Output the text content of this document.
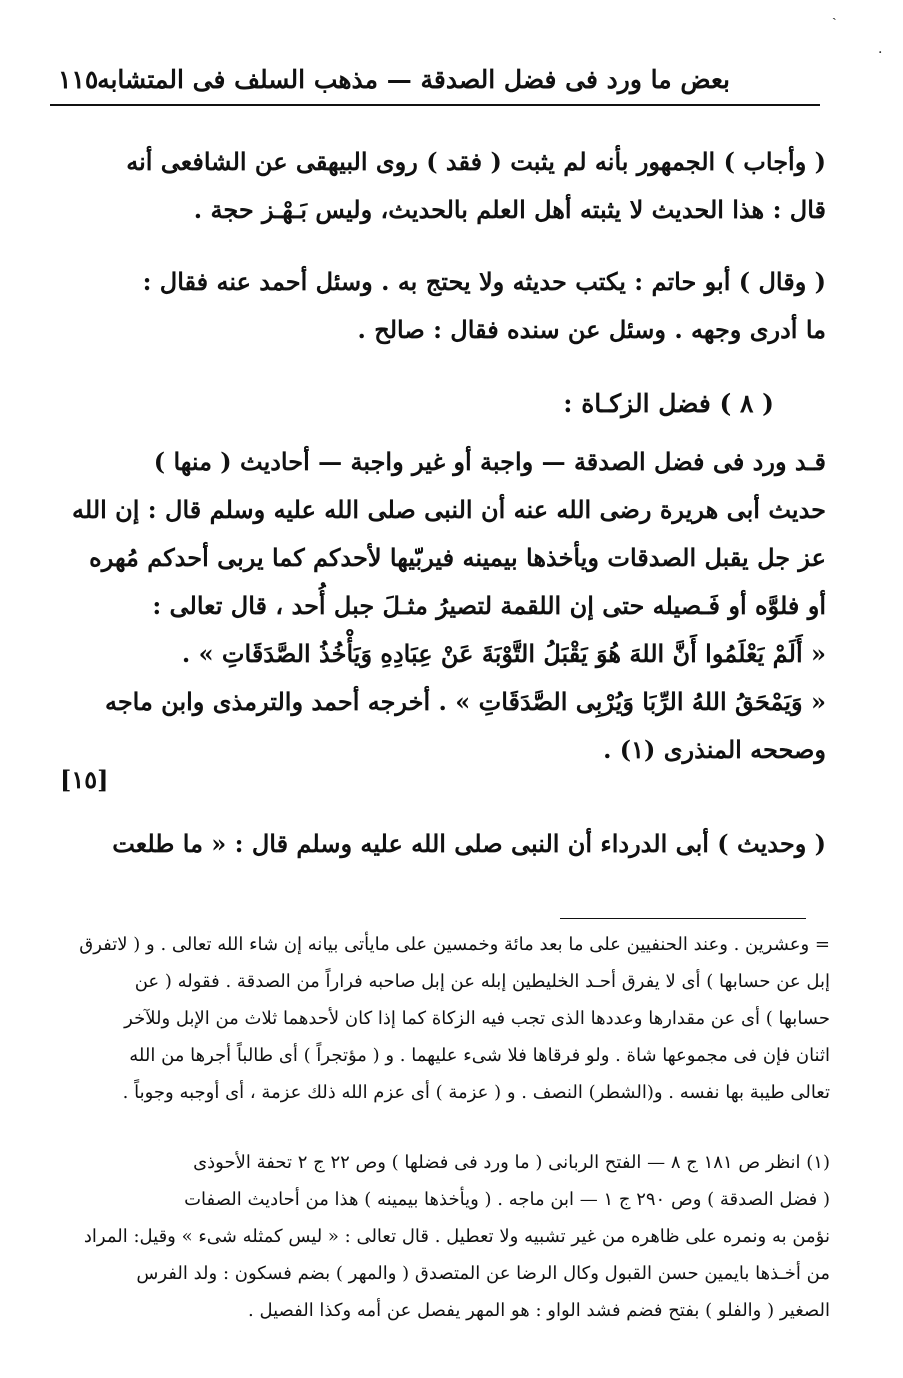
ˎ
·
بعض ما ورد فى فضل الصدقة — مذهب السلف فى المتشابه
١١٥

( وأجاب ) الجمهور بأنه لم يثبت ( فقد ) روى البيهقى عن الشافعى أنه
قال : هذا الحديث لا يثبته أهل العلم بالحديث، وليس بَـهْـز حجة .

( وقال ) أبو حاتم : يكتب حديثه ولا يحتج به . وسئل أحمد عنه فقال :
ما أدرى وجهه . وسئل عن سنده فقال : صالح .

( ٨ ) فضل الزكـاة :

قـد ورد فى فضل الصدقة — واجبة أو غير واجبة — أحاديث ( منها )
حديث أبى هريرة رضى الله عنه أن النبى صلى الله عليه وسلم قال : إن الله
عز جل يقبل الصدقات ويأخذها بيمينه فيربّيها لأحدكم كما يربى أحدكم مُهره
أو فلوَّه أو فَـصيله حتى إن اللقمة لتصيرُ مثـلَ جبل أُحد ، قال تعالى :
« أَلَمْ يَعْلَمُوا أَنَّ اللهَ هُوَ يَقْبَلُ التَّوْبَةَ عَنْ عِبَادِهِ وَيَأْخُذُ الصَّدَقَاتِ » .
« وَيَمْحَقُ اللهُ الرِّبَا وَيُرْبِى الصَّدَقَاتِ » . أخرجه أحمد والترمذى وابن ماجه
وصححه المنذرى (١) .

[١٥]

( وحديث ) أبى الدرداء أن النبى صلى الله عليه وسلم قال : « ما طلعت

= وعشرين . وعند الحنفيين على ما بعد مائة وخمسين على مايأتى بيانه إن شاء الله تعالى . و ( لاتفرق
إبل عن حسابها ) أى لا يفرق أحـد الخليطين إبله عن إبل صاحبه فراراً من الصدقة . فقوله ( عن
حسابها ) أى عن مقدارها وعددها الذى تجب فيه الزكاة كما إذا كان لأحدهما ثلاث من الإبل وللآخر
اثنان فإن فى مجموعها شاة . ولو فرقاها فلا شىء عليهما . و ( مؤتجراً ) أى طالباً أجرها من الله
تعالى طيبة بها نفسه . و(الشطر) النصف . و ( عزمة ) أى عزم الله ذلك عزمة ، أى أوجبه وجوباً .

(١) انظر ص ١٨١ ج ٨ — الفتح الربانى ( ما ورد فى فضلها ) وص ٢٢ ج ٢ تحفة الأحوذى
( فضل الصدقة ) وص ٢٩٠ ج ١ — ابن ماجه . ( ويأخذها بيمينه ) هذا من أحاديث الصفات
نؤمن به ونمره على ظاهره من غير تشبيه ولا تعطيل . قال تعالى : « ليس كمثله شىء » وقيل: المراد
من أخـذها بايمين حسن القبول وكال الرضا عن المتصدق ( والمهر ) بضم فسكون : ولد الفرس
الصغير ( والفلو ) بفتح فضم فشد الواو : هو المهر يفصل عن أمه وكذا الفصيل .
